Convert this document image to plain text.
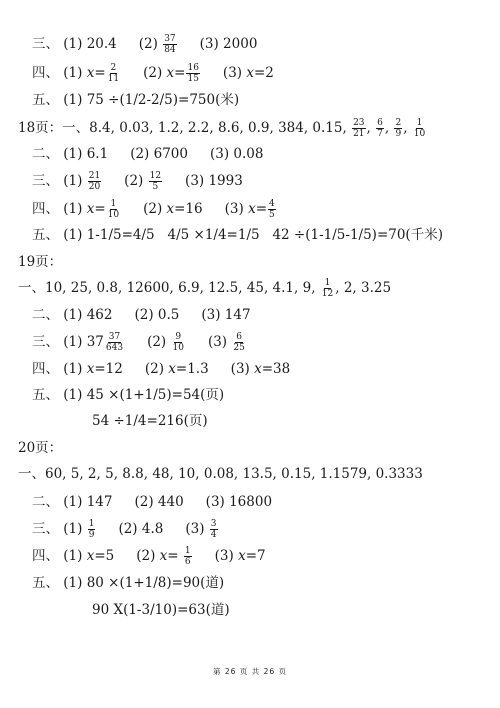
三、 (1) 20.4 $(2) \frac{37}{84} (3)$ 2000
四、 (1) $x = \frac{2}{11} (2) x = \frac{16}{15} (3)$ x =2
五、 (1) 75 ÷(1/2-2/5)=750(米)
18页：一、8.4, 0.03, 1.2, 2.2, 8.6, 0.9, 384, 0.15, $\frac{23}{21}$ , $\frac{6}{7}$ , $\frac{2}{9}$ , $\frac{1}{10}$
二、 (1) 6.1 (2) 6700 (3) 0.08
三、 $(1) \frac{21}{20} (2) \frac{12}{5} (3)$ 1993
四、 (1) $x = \frac{1}{10} (2)$ x =16 (3) $x = \frac{4}{5}$
五、 (1) 1-1/5=4/5   4/5 ×1/4=1/5   42 ÷(1-1/5-1/5)=70(千米)
19页：
一、10, 25, 0.8, 12600, 6.9, 12.5, 45, 4.1, 9, $\frac{1}{12}$ , 2, 3.25
二、 (1) 462 (2) 0.5 (3) 147
三、 (1) $37 \frac{37}{643} (2) \frac{9}{10} (3) \frac{6}{25}$
四、 (1) x =12 (2) x =1.3 (3) x =38
五、 (1) 45 ×(1+1/5)=54(页)
54 ÷1/4=216(页)
20页：
一、60, 5, 2, 5, 8.8, 48, 10, 0.08, 13.5, 0.15, 1.1579, 0.3333
二、 (1) 147 (2) 440 (3) 16800
三、 $(1) \frac{1}{9} (2)$ 4.8 $(3) \frac{3}{4}$
四、 (1) x =5 (2) $x = \frac{1}{6} (3)$ x =7
五、 (1) 80 ×(1+1/8)=90(道)
90 X(1-3/10)=63(道)
第 26 页 共 26 页
